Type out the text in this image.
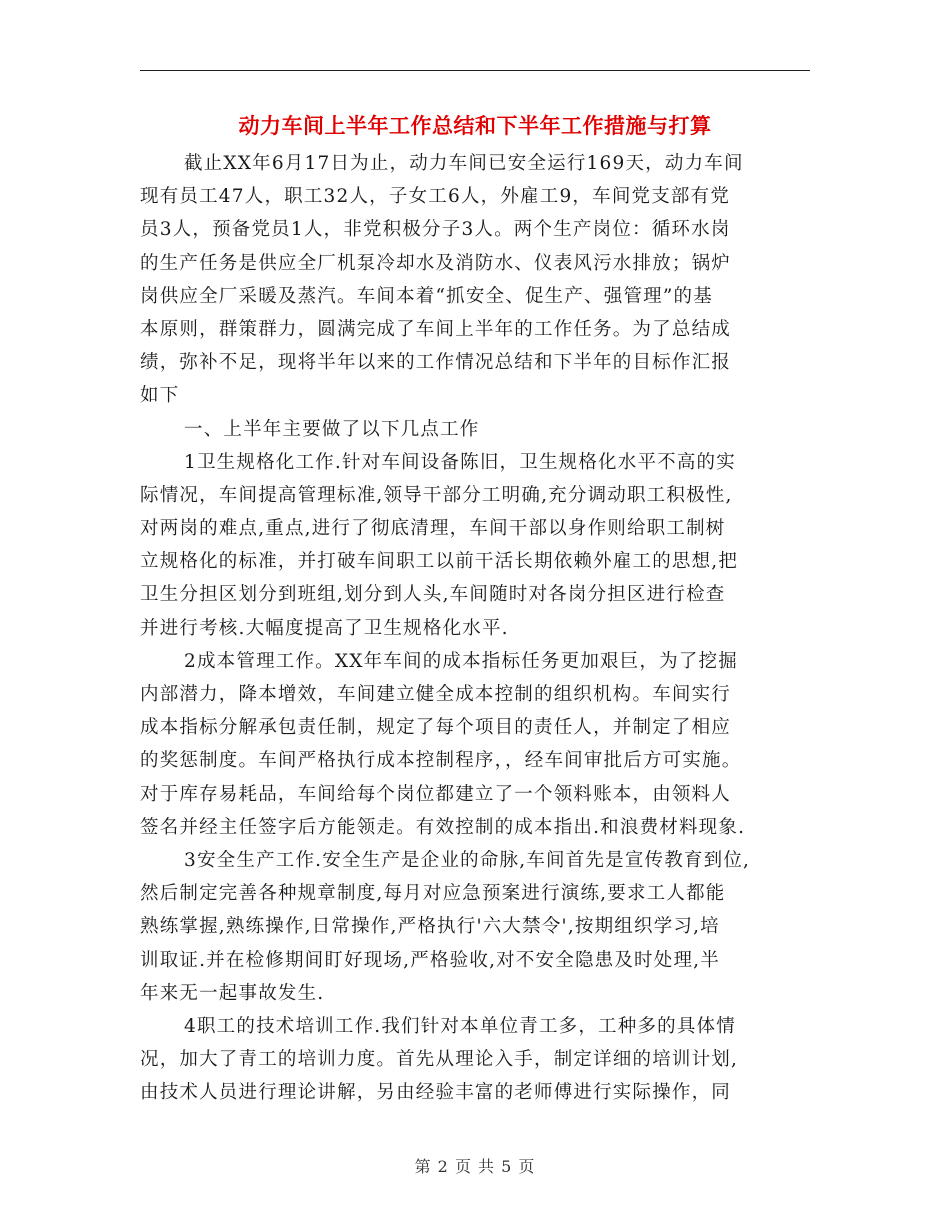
动力车间上半年工作总结和下半年工作措施与打算
截止XX年6月17日为止，动力车间已安全运行169天，动力车间
现有员工47人，职工32人，子女工6人，外雇工9，车间党支部有党
员3人，预备党员1人，非党积极分子3人。两个生产岗位：循环水岗
的生产任务是供应全厂机泵冷却水及消防水、仪表风污水排放；锅炉
岗供应全厂采暖及蒸汽。车间本着“抓安全、促生产、强管理”的基
本原则，群策群力，圆满完成了车间上半年的工作任务。为了总结成
绩，弥补不足，现将半年以来的工作情况总结和下半年的目标作汇报
如下
一、上半年主要做了以下几点工作
1卫生规格化工作.针对车间设备陈旧，卫生规格化水平不高的实
际情况，车间提高管理标准,领导干部分工明确,充分调动职工积极性,
对两岗的难点,重点,进行了彻底清理，车间干部以身作则给职工制树
立规格化的标准，并打破车间职工以前干活长期依赖外雇工的思想,把
卫生分担区划分到班组,划分到人头,车间随时对各岗分担区进行检查
并进行考核.大幅度提高了卫生规格化水平.
2成本管理工作。XX年车间的成本指标任务更加艰巨，为了挖掘
内部潜力，降本增效，车间建立健全成本控制的组织机构。车间实行
成本指标分解承包责任制，规定了每个项目的责任人，并制定了相应
的奖惩制度。车间严格执行成本控制程序，，经车间审批后方可实施。
对于库存易耗品，车间给每个岗位都建立了一个领料账本，由领料人
签名并经主任签字后方能领走。有效控制的成本指出.和浪费材料现象.
3安全生产工作.安全生产是企业的命脉,车间首先是宣传教育到位,
然后制定完善各种规章制度,每月对应急预案进行演练,要求工人都能
熟练掌握,熟练操作,日常操作,严格执行'六大禁令',按期组织学习,培
训取证.并在检修期间盯好现场,严格验收,对不安全隐患及时处理,半
年来无一起事故发生.
4职工的技术培训工作.我们针对本单位青工多，工种多的具体情
况，加大了青工的培训力度。首先从理论入手，制定详细的培训计划,
由技术人员进行理论讲解，另由经验丰富的老师傅进行实际操作，同
第 2 页 共 5 页
